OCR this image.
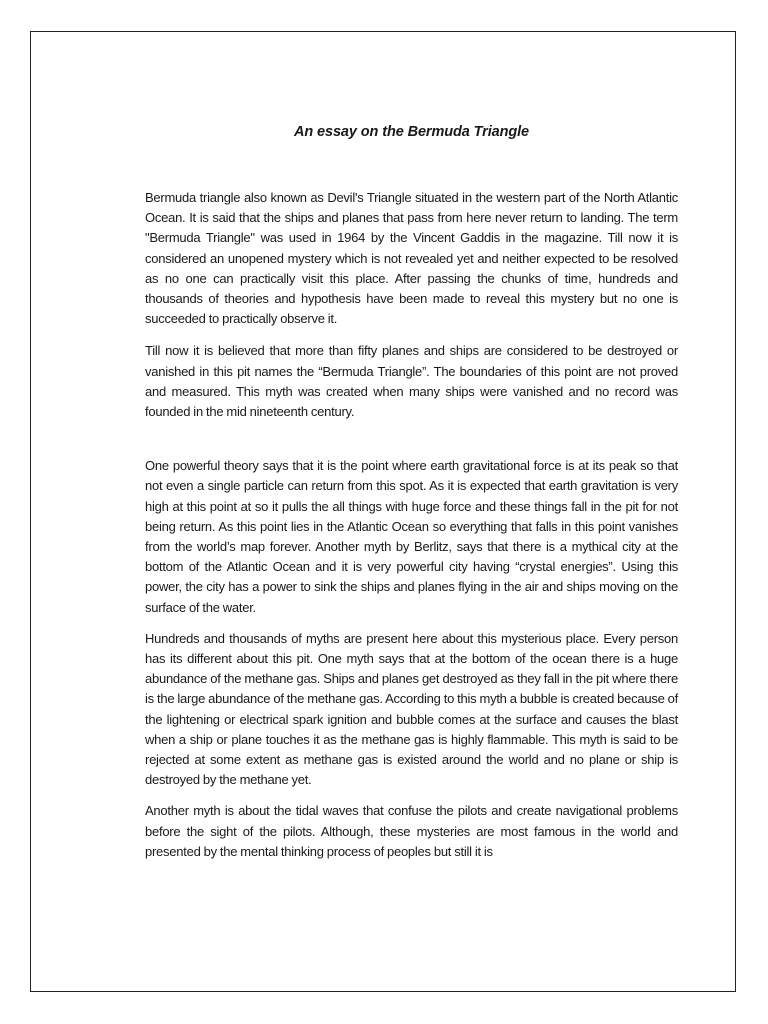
An essay on the Bermuda Triangle

Bermuda triangle also known as Devil's Triangle situated in the western part of the North Atlantic Ocean. It is said that the ships and planes that pass from here never return to landing. The term "Bermuda Triangle" was used in 1964 by the Vincent Gaddis in the magazine. Till now it is considered an unopened mystery which is not revealed yet and neither expected to be resolved as no one can practically visit this place. After passing the chunks of time, hundreds and thousands of theories and hypothesis have been made to reveal this mystery but no one is succeeded to practically observe it.

Till now it is believed that more than fifty planes and ships are considered to be destroyed or vanished in this pit names the “Bermuda Triangle”. The boundaries of this point are not proved and measured. This myth was created when many ships were vanished and no record was founded in the mid nineteenth century.

One powerful theory says that it is the point where earth gravitational force is at its peak so that not even a single particle can return from this spot. As it is expected that earth gravitation is very high at this point at so it pulls the all things with huge force and these things fall in the pit for not being return. As this point lies in the Atlantic Ocean so everything that falls in this point vanishes from the world’s map forever. Another myth by Berlitz, says that there is a mythical city at the bottom of the Atlantic Ocean and it is very powerful city having “crystal energies”. Using this power, the city has a power to sink the ships and planes flying in the air and ships moving on the surface of the water.

Hundreds and thousands of myths are present here about this mysterious place. Every person has its different about this pit. One myth says that at the bottom of the ocean there is a huge abundance of the methane gas. Ships and planes get destroyed as they fall in the pit where there is the large abundance of the methane gas. According to this myth a bubble is created because of the lightening or electrical spark ignition and bubble comes at the surface and causes the blast when a ship or plane touches it as the methane gas is highly flammable. This myth is said to be rejected at some extent as methane gas is existed around the world and no plane or ship is destroyed by the methane yet.

Another myth is about the tidal waves that confuse the pilots and create navigational problems before the sight of the pilots. Although, these mysteries are most famous in the world and presented by the mental thinking process of peoples but still it is
